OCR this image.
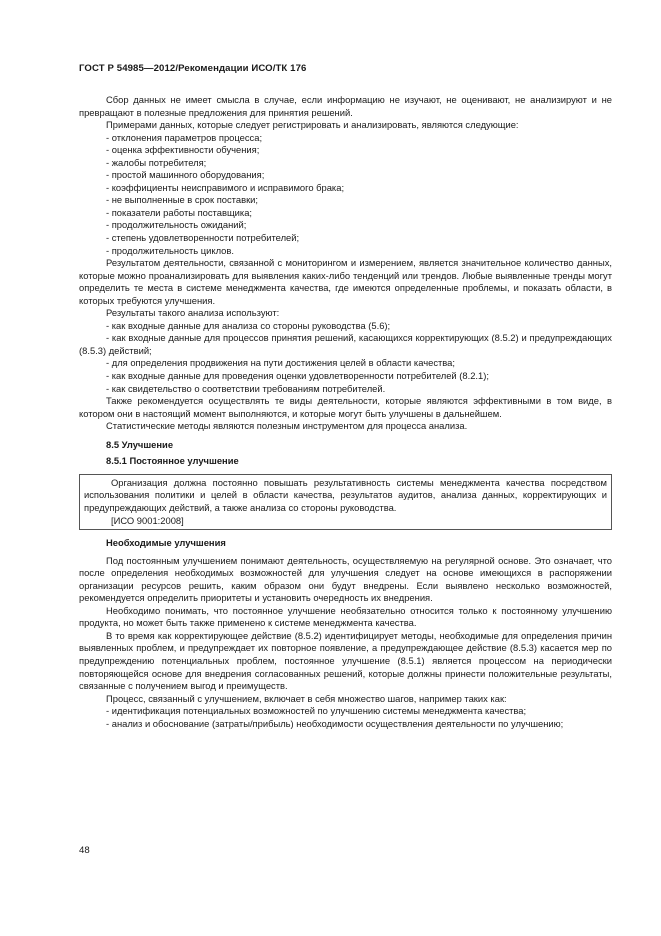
ГОСТ Р 54985—2012/Рекомендации ИСО/ТК 176

Сбор данных не имеет смысла в случае, если информацию не изучают, не оценивают, не анализируют и не превращают в полезные предложения для принятия решений.

Примерами данных, которые следует регистрировать и анализировать, являются следующие:

- отклонения параметров процесса;

- оценка эффективности обучения;

- жалобы потребителя;

- простой машинного оборудования;

- коэффициенты неисправимого и исправимого брака;

- не выполненные в срок поставки;

- показатели работы поставщика;

- продолжительность ожиданий;

- степень удовлетворенности потребителей;

- продолжительность циклов.

Результатом деятельности, связанной с мониторингом и измерением, является значительное количество данных, которые можно проанализировать для выявления каких-либо тенденций или трендов. Любые выявленные тренды могут определить те места в системе менеджмента качества, где имеются определенные проблемы, и показать области, в которых требуются улучшения.

Результаты такого анализа используют:

- как входные данные для анализа со стороны руководства (5.6);

- как входные данные для процессов принятия решений, касающихся корректирующих (8.5.2) и предупреждающих (8.5.3) действий;

- для определения продвижения на пути достижения целей в области качества;

- как входные данные для проведения оценки удовлетворенности потребителей (8.2.1);

- как свидетельство о соответствии требованиям потребителей.

Также рекомендуется осуществлять те виды деятельности, которые являются эффективными в том виде, в котором они в настоящий момент выполняются, и которые могут быть улучшены в дальнейшем.

Статистические методы являются полезным инструментом для процесса анализа.

8.5 Улучшение

8.5.1 Постоянное улучшение

Организация должна постоянно повышать результативность системы менеджмента качества посредством использования политики и целей в области качества, результатов аудитов, анализа данных, корректирующих и предупреждающих действий, а также анализа со стороны руководства.

[ИСО 9001:2008]

Необходимые улучшения

Под постоянным улучшением понимают деятельность, осуществляемую на регулярной основе. Это означает, что после определения необходимых возможностей для улучшения следует на основе имеющихся в распоряжении организации ресурсов решить, каким образом они будут внедрены. Если выявлено несколько возможностей, рекомендуется определить приоритеты и установить очередность их внедрения.

Необходимо понимать, что постоянное улучшение необязательно относится только к постоянному улучшению продукта, но может быть также применено к системе менеджмента качества.

В то время как корректирующее действие (8.5.2) идентифицирует методы, необходимые для определения причин выявленных проблем, и предупреждает их повторное появление, а предупреждающее действие (8.5.3) касается мер по предупреждению потенциальных проблем, постоянное улучшение (8.5.1) является процессом на периодически повторяющейся основе для внедрения согласованных решений, которые должны принести положительные результаты, связанные с получением выгод и преимуществ.

Процесс, связанный с улучшением, включает в себя множество шагов, например таких как:

- идентификация потенциальных возможностей по улучшению системы менеджмента качества;

- анализ и обоснование (затраты/прибыль) необходимости осуществления деятельности по улучшению;

48
